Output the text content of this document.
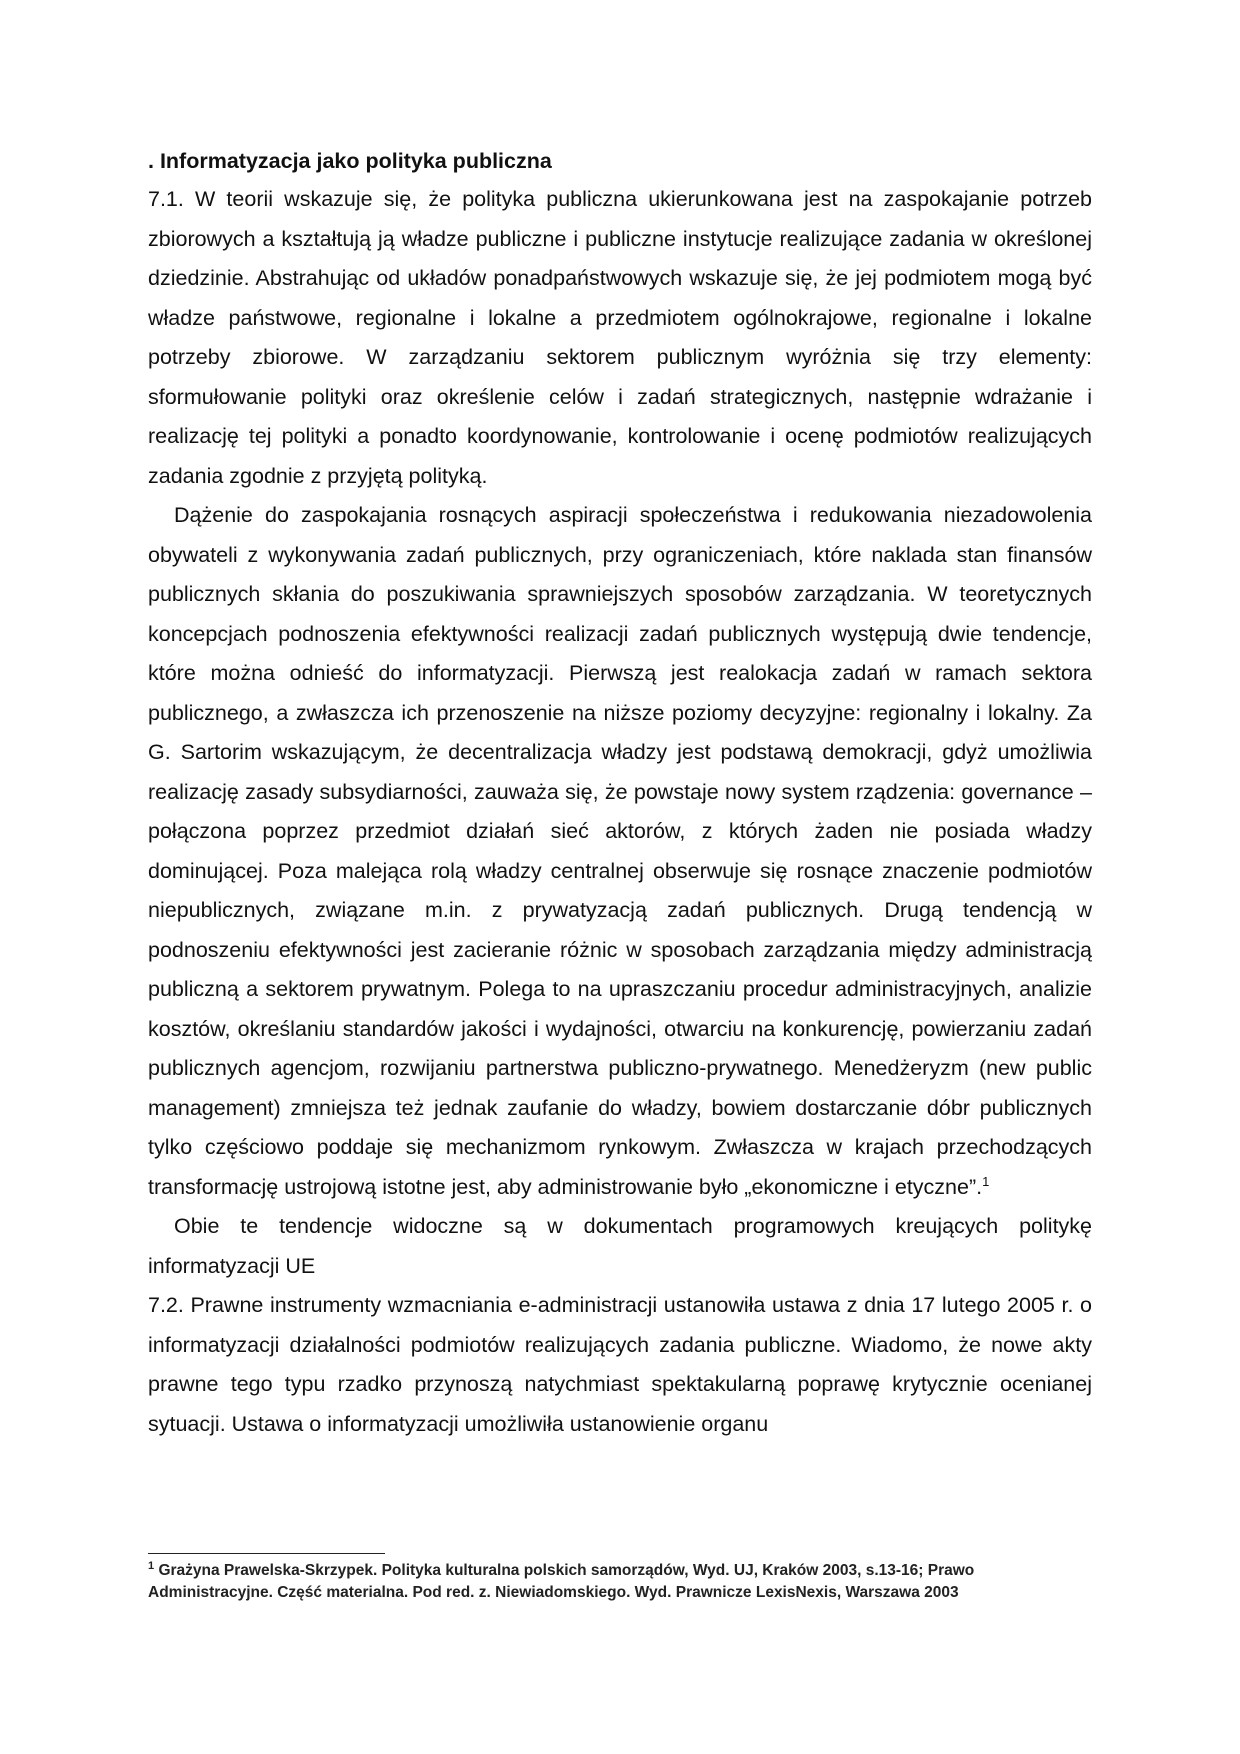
. Informatyzacja jako polityka publiczna

7.1. W teorii wskazuje się, że polityka publiczna ukierunkowana jest na zaspokajanie potrzeb zbiorowych a kształtują ją władze publiczne i publiczne instytucje realizujące zadania w określonej dziedzinie. Abstrahując od układów ponadpaństwowych wskazuje się, że jej podmiotem mogą być władze państwowe, regionalne i lokalne a przedmiotem ogólnokrajowe, regionalne i lokalne potrzeby zbiorowe. W zarządzaniu sektorem publicznym wyróżnia się trzy elementy: sformułowanie polityki oraz określenie celów i zadań strategicznych, następnie wdrażanie i realizację tej polityki a ponadto koordynowanie, kontrolowanie i ocenę podmiotów realizujących zadania zgodnie z przyjętą polityką.

Dążenie do zaspokajania rosnących aspiracji społeczeństwa i redukowania niezadowolenia obywateli z wykonywania zadań publicznych, przy ograniczeniach, które naklada stan finansów publicznych skłania do poszukiwania sprawniejszych sposobów zarządzania. W teoretycznych koncepcjach podnoszenia efektywności realizacji zadań publicznych występują dwie tendencje, które można odnieść do informatyzacji. Pierwszą jest realokacja zadań w ramach sektora publicznego, a zwłaszcza ich przenoszenie na niższe poziomy decyzyjne: regionalny i lokalny. Za G. Sartorim wskazującym, że decentralizacja władzy jest podstawą demokracji, gdyż umożliwia realizację zasady subsydiarności, zauważa się, że powstaje nowy system rządzenia: governance – połączona poprzez przedmiot działań sieć aktorów, z których żaden nie posiada władzy dominującej. Poza malejąca rolą władzy centralnej obserwuje się rosnące znaczenie podmiotów niepublicznych, związane m.in. z prywatyzacją zadań publicznych. Drugą tendencją w podnoszeniu efektywności jest zacieranie różnic w sposobach zarządzania między administracją publiczną a sektorem prywatnym. Polega to na upraszczaniu procedur administracyjnych, analizie kosztów, określaniu standardów jakości i wydajności, otwarciu na konkurencję, powierzaniu zadań publicznych agencjom, rozwijaniu partnerstwa publiczno-prywatnego. Menedżeryzm (new public management) zmniejsza też jednak zaufanie do władzy, bowiem dostarczanie dóbr publicznych tylko częściowo poddaje się mechanizmom rynkowym. Zwłaszcza w krajach przechodzących transformację ustrojową istotne jest, aby administrowanie było „ekonomiczne i etyczne”.$^1$

Obie te tendencje widoczne są w dokumentach programowych kreujących politykę informatyzacji UE

7.2. Prawne instrumenty wzmacniania e-administracji ustanowiła ustawa z dnia 17 lutego 2005 r. o informatyzacji działalności podmiotów realizujących zadania publiczne. Wiadomo, że nowe akty prawne tego typu rzadko przynoszą natychmiast spektakularną poprawę krytycznie ocenianej sytuacji. Ustawa o informatyzacji umożliwiła ustanowienie organu

$^1$ Grażyna Prawelska-Skrzypek. Polityka kulturalna polskich samorządów, Wyd. UJ, Kraków 2003, s.13-16; Prawo Administracyjne. Część materialna. Pod red. z. Niewiadomskiego. Wyd. Prawnicze LexisNexis, Warszawa 2003
